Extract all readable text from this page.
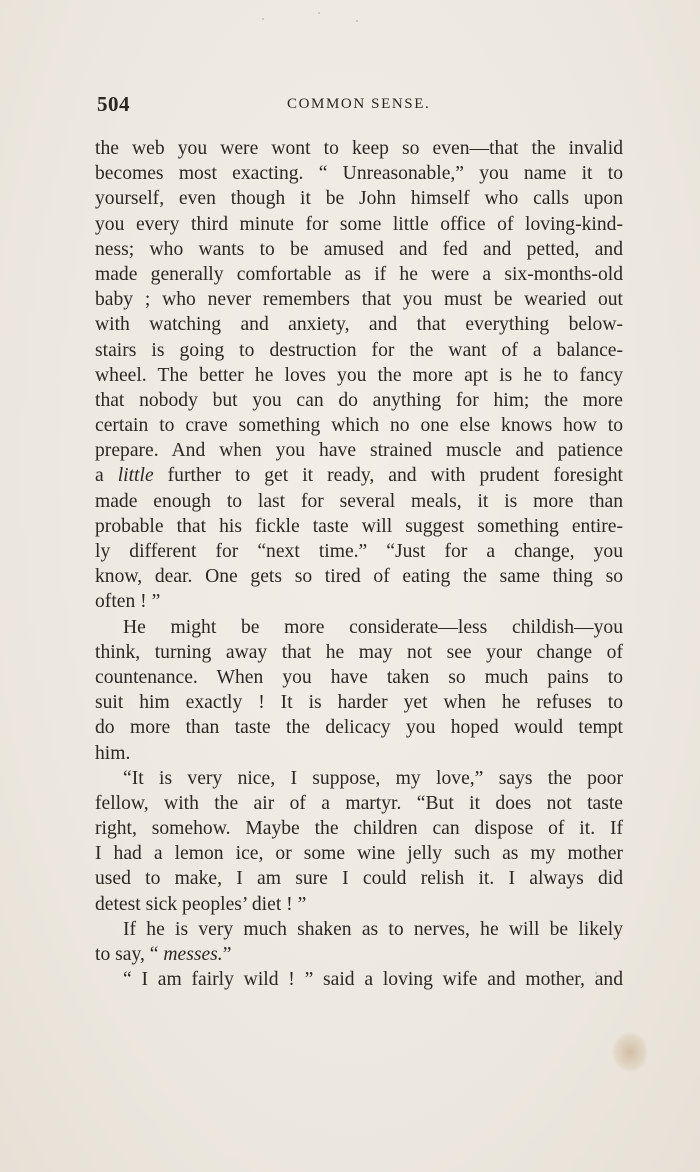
504	COMMON SENSE.
the web you were wont to keep so even—that the invalid
becomes most exacting. “ Unreasonable,” you name it to
yourself, even though it be John himself who calls upon
you every third minute for some little office of loving-kind-
ness; who wants to be amused and fed and petted, and
made generally comfortable as if he were a six-months-old
baby ; who never remembers that you must be wearied out
with watching and anxiety, and that everything below-
stairs is going to destruction for the want of a balance-
wheel. The better he loves you the more apt is he to fancy
that nobody but you can do anything for him; the more
certain to crave something which no one else knows how to
prepare. And when you have strained muscle and patience
a little further to get it ready, and with prudent foresight
made enough to last for several meals, it is more than
probable that his fickle taste will suggest something entire-
ly different for “next time.” “Just for a change, you
know, dear. One gets so tired of eating the same thing so
often ! ”
He might be more considerate—less childish—you
think, turning away that he may not see your change of
countenance. When you have taken so much pains to
suit him exactly ! It is harder yet when he refuses to
do more than taste the delicacy you hoped would tempt
him.
“It is very nice, I suppose, my love,” says the poor
fellow, with the air of a martyr. “But it does not taste
right, somehow. Maybe the children can dispose of it. If
I had a lemon ice, or some wine jelly such as my mother
used to make, I am sure I could relish it. I always did
detest sick peoples’ diet ! ”
If he is very much shaken as to nerves, he will be likely
to say, “ messes.”
“ I am fairly wild ! ” said a loving wife and mother, and
